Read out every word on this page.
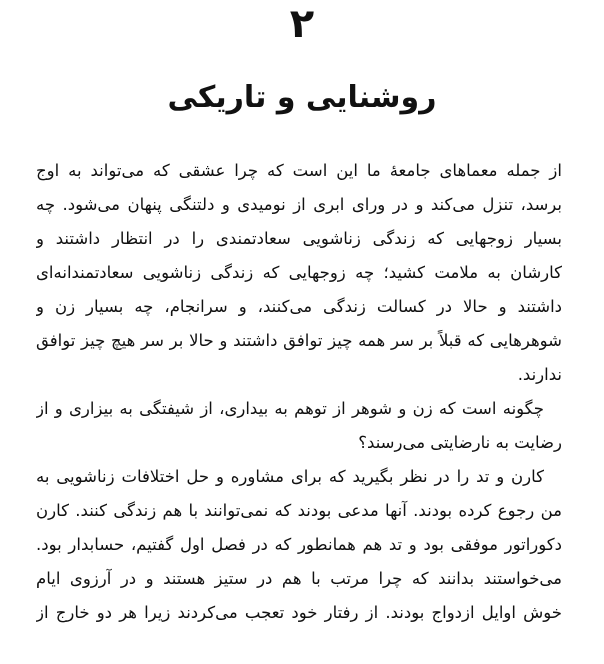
۲
روشنایی و تاریکی
از جمله معماهای جامعهٔ ما این است که چرا عشقی که می‌تواند به اوج
برسد، تنزل می‌کند و در ورای ابری از نومیدی و دلتنگی پنهان می‌شود. چه
بسیار زوجهایی که زندگی زناشویی سعادتمندی را در انتظار داشتند و
کارشان به ملامت کشید؛ چه زوجهایی که زندگی زناشویی سعادتمندانه‌ای
داشتند و حالا در کسالت زندگی می‌کنند، و سرانجام، چه بسیار زن و
شوهرهایی که قبلاً بر سر همه چیز توافق داشتند و حالا بر سر هیچ چیز توافق
ندارند.
چگونه است که زن و شوهر از توهم به بیداری، از شیفتگی به بیزاری و از
رضایت به نارضایتی می‌رسند؟
کارن و تد را در نظر بگیرید که برای مشاوره و حل اختلافات زناشویی به
من رجوع کرده بودند. آنها مدعی بودند که نمی‌توانند با هم زندگی کنند. کارن
دکوراتور موفقی بود و تد هم همانطور که در فصل اول گفتیم، حسابدار بود.
می‌خواستند بدانند که چرا مرتب با هم در ستیز هستند و در آرزوی ایام
خوش اوایل ازدواج بودند. از رفتار خود تعجب می‌کردند زیرا هر دو خارج از
